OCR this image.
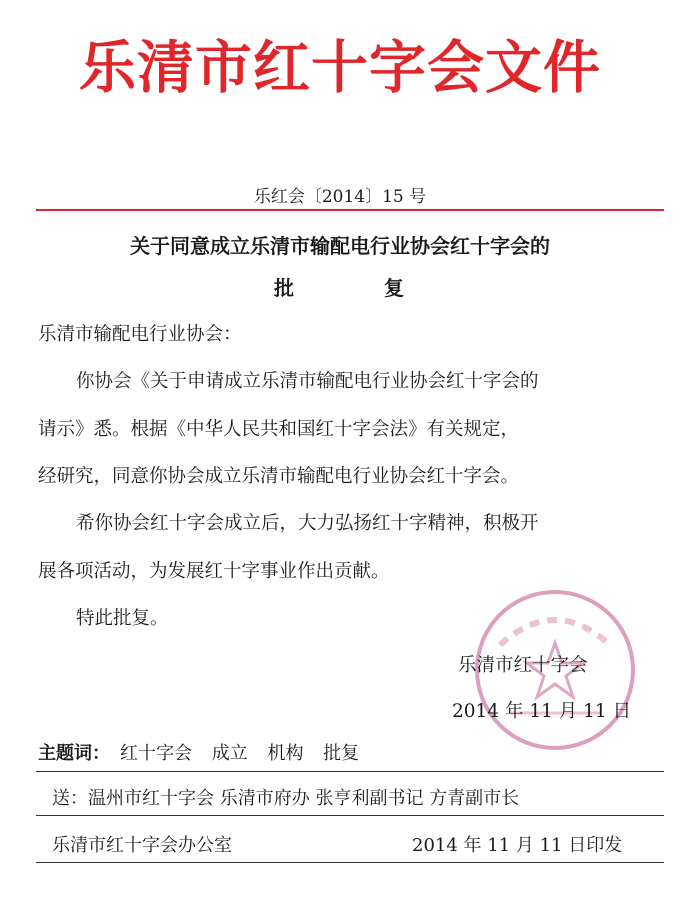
乐清市红十字会文件
乐红会〔2014〕15 号
关于同意成立乐清市输配电行业协会红十字会的
批　　　　复
乐清市输配电行业协会：
你协会《关于申请成立乐清市输配电行业协会红十字会的
请示》悉。根据《中华人民共和国红十字会法》有关规定，
经研究，同意你协会成立乐清市输配电行业协会红十字会。
希你协会红十字会成立后，大力弘扬红十字精神，积极开
展各项活动，为发展红十字事业作出贡献。
特此批复。
乐清市红十字会
2014 年 11 月 11 日
主题词： 红十字会 成立 机构 批复
送：温州市红十字会 乐清市府办 张亨利副书记 方青副市长
乐清市红十字会办公室	2014 年 11 月 11 日印发
